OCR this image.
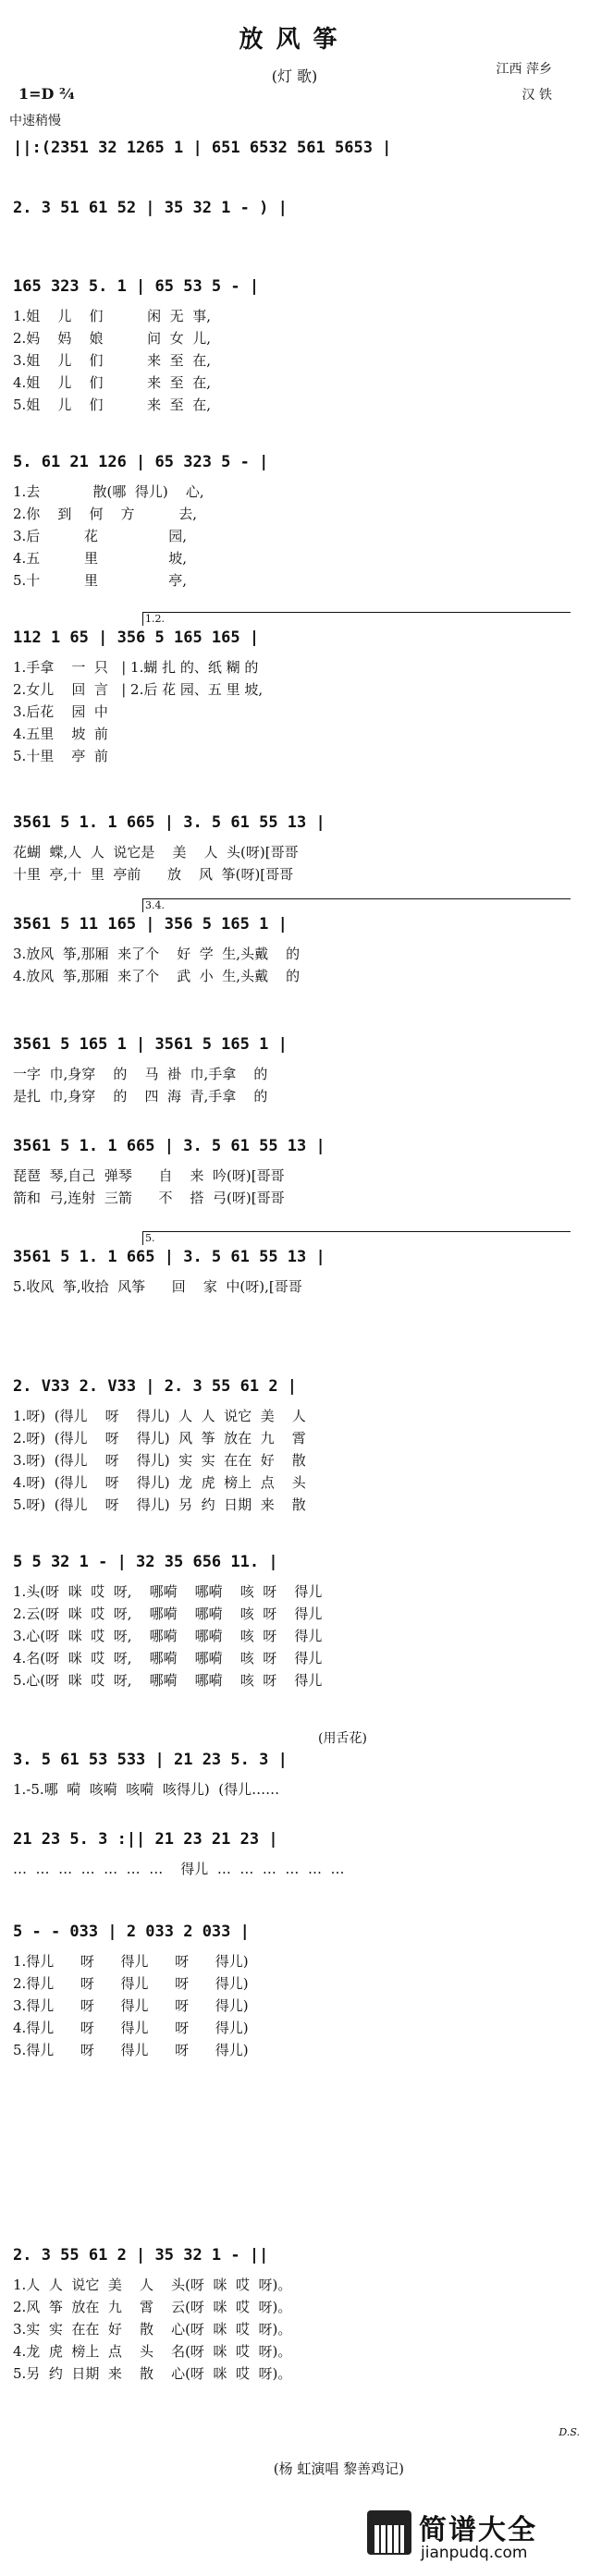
放风筝
(灯 歌)	江西 萍乡
汉 铁
1=D ²⁄₄
中速稍慢
||:(2351 32 1265 1 | 651 6532 561 5653 |
2. 3 51 61 52 | 35 32 1 - ) |
165 323 5. 1 | 65 53 5 - |
1.姐    儿    们          闲  无  事,
2.妈    妈    娘          问  女  儿,
3.姐    儿    们          来  至  在,
4.姐    儿    们          来  至  在,
5.姐    儿    们          来  至  在,
5. 61 21 126 | 65 323 5 - |
1.去            散(哪  得儿)    心,
2.你    到    何    方          去,
3.后          花                园,
4.五          里                坡,
5.十          里                亭,
1.2.
112 1 65 | 356 5 165 165 |
1.手拿    一  只   | 1.蝴 扎 的、纸 糊 的
2.女儿    回  言   | 2.后 花 园、五 里 坡,
3.后花    园  中
4.五里    坡  前
5.十里    亭  前
3561 5 1. 1 665 | 3. 5 61 55 13 |
花蝴  蝶,人  人  说它是    美    人  头(呀)[哥哥
十里  亭,十  里  亭前      放    风  筝(呀)[哥哥
3.4.
3561 5 11 165 | 356 5 165 1 |
3.放风  筝,那厢  来了个    好  学  生,头戴    的
4.放风  筝,那厢  来了个    武  小  生,头戴    的
3561 5 165 1 | 3561 5 165 1 |
一字  巾,身穿    的    马  褂  巾,手拿    的
是扎  巾,身穿    的    四  海  青,手拿    的
3561 5 1. 1 665 | 3. 5 61 55 13 |
琵琶  琴,自己  弹琴      自    来  吟(呀)[哥哥
箭和  弓,连射  三箭      不    搭  弓(呀)[哥哥
5.
3561 5 1. 1 665 | 3. 5 61 55 13 |
5.收风  筝,收拾  风筝      回    家  中(呀),[哥哥
2. V33 2. V33 | 2. 3 55 61 2 |
1.呀)  (得儿    呀    得儿)  人  人  说它  美    人
2.呀)  (得儿    呀    得儿)  风  筝  放在  九    霄
3.呀)  (得儿    呀    得儿)  实  实  在在  好    散
4.呀)  (得儿    呀    得儿)  龙  虎  榜上  点    头
5.呀)  (得儿    呀    得儿)  另  约  日期  来    散
5 5 32 1 - | 32 35 656 11. |
1.头(呀  咪  哎  呀,    哪嗬    哪嗬    咳  呀    得儿
2.云(呀  咪  哎  呀,    哪嗬    哪嗬    咳  呀    得儿
3.心(呀  咪  哎  呀,    哪嗬    哪嗬    咳  呀    得儿
4.名(呀  咪  哎  呀,    哪嗬    哪嗬    咳  呀    得儿
5.心(呀  咪  哎  呀,    哪嗬    哪嗬    咳  呀    得儿
(用舌花)
3. 5 61 53 533 | 21 23 5. 3 |
1.-5.哪  嗬  咳嗬  咳嗬  咳得儿)  (得儿……
21 23 5. 3 :|| 21 23 21 23 |
…  …  …  …  …  …  …    得儿  …  …  …  …  …  …
5 - - 033 | 2 033 2 033 |
1.得儿      呀      得儿      呀      得儿)
2.得儿      呀      得儿      呀      得儿)
3.得儿      呀      得儿      呀      得儿)
4.得儿      呀      得儿      呀      得儿)
5.得儿      呀      得儿      呀      得儿)
2. 3 55 61 2 | 35 32 1 - ||
1.人  人  说它  美    人    头(呀  咪  哎  呀)。
2.风  筝  放在  九    霄    云(呀  咪  哎  呀)。
3.实  实  在在  好    散    心(呀  咪  哎  呀)。
4.龙  虎  榜上  点    头    名(呀  咪  哎  呀)。
5.另  约  日期  来    散    心(呀  咪  哎  呀)。
D.S.
(杨 虹演唱 黎善鸡记)
简谱大全
jianpudq.com
